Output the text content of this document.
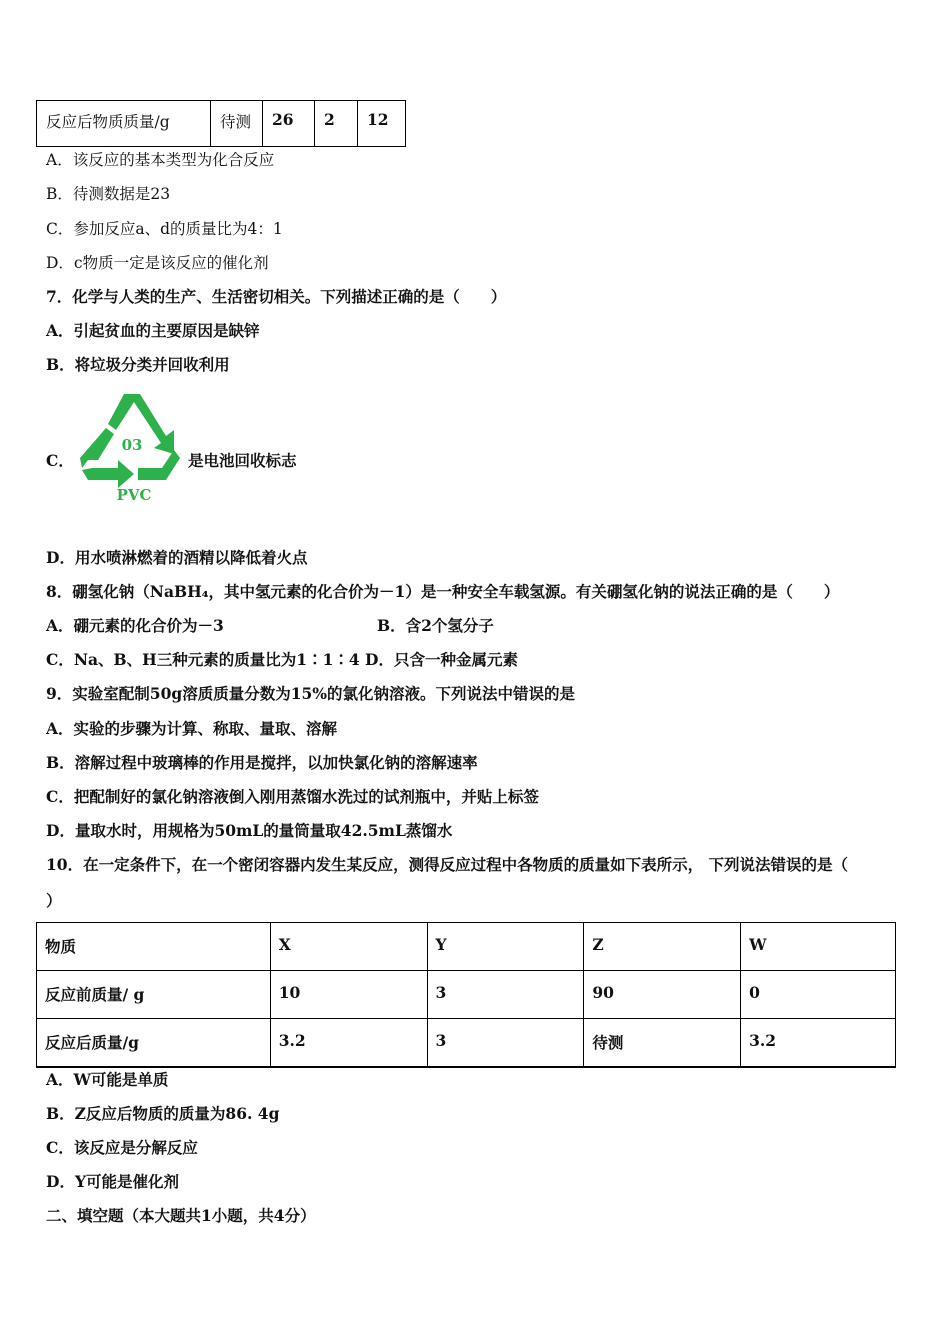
反应后物质质量/g	待测	26	2	12
A．该反应的基本类型为化合反应
B．待测数据是23
C．参加反应a、d的质量比为4：1
D．c物质一定是该反应的催化剂
7．化学与人类的生产、生活密切相关。下列描述正确的是（　　）
A．引起贫血的主要原因是缺锌
B．将垃圾分类并回收利用
C．
03
PVC
是电池回收标志
D．用水喷淋燃着的酒精以降低着火点
8．硼氢化钠（NaBH₄，其中氢元素的化合价为－1）是一种安全车载氢源。有关硼氢化钠的说法正确的是（　　）
A．硼元素的化合价为－3	B．含2个氢分子
C．Na、B、H三种元素的质量比为1∶1∶4 D．只含一种金属元素
9．实验室配制50g溶质质量分数为15%的氯化钠溶液。下列说法中错误的是
A．实验的步骤为计算、称取、量取、溶解
B．溶解过程中玻璃棒的作用是搅拌，以加快氯化钠的溶解速率
C．把配制好的氯化钠溶液倒入刚用蒸馏水洗过的试剂瓶中，并贴上标签
D．量取水时，用规格为50mL的量筒量取42.5mL蒸馏水
10．在一定条件下，在一个密闭容器内发生某反应，测得反应过程中各物质的质量如下表所示， 下列说法错误的是（
）
物质	X	Y	Z	W
反应前质量/ g	10	3	90	0
反应后质量/g	3.2	3	待测	3.2
A．W可能是单质
B．Z反应后物质的质量为86. 4g
C．该反应是分解反应
D．Y可能是催化剂
二、填空题（本大题共1小题，共4分）
